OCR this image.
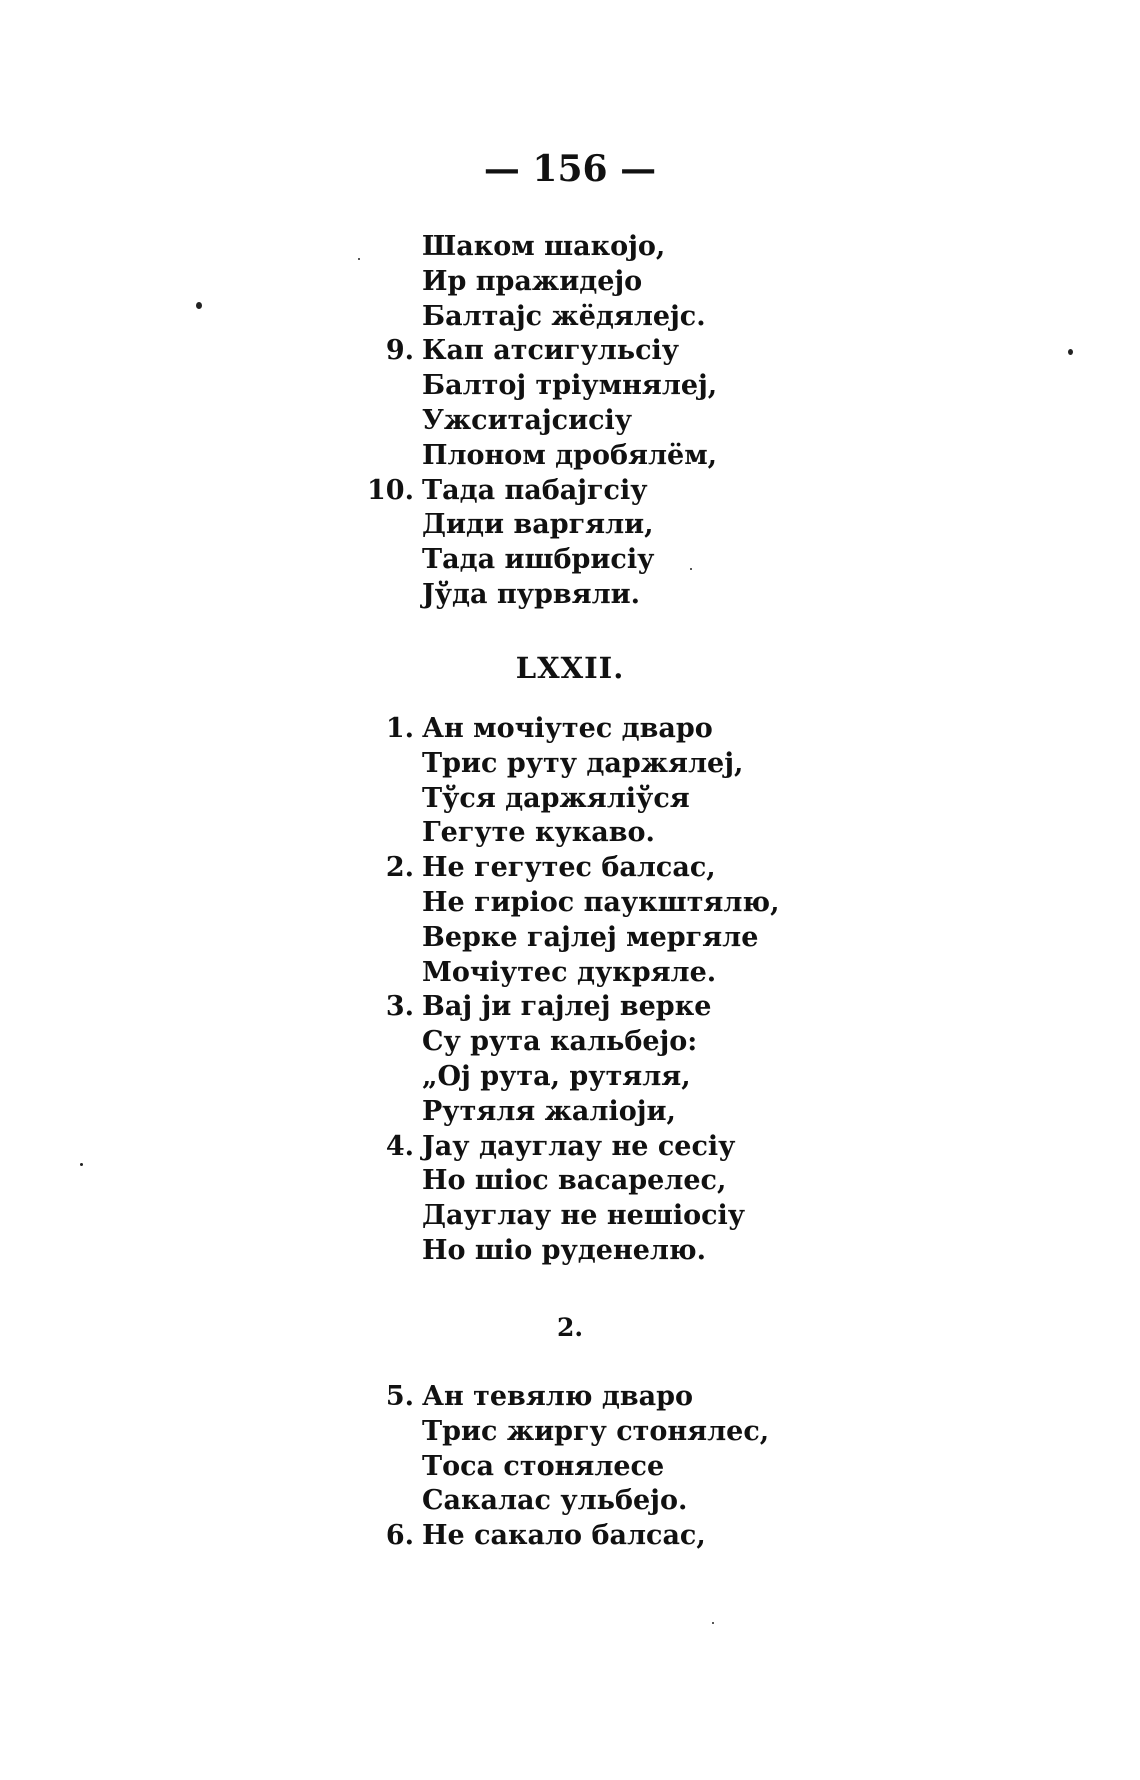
— 156 —
Шаком шакојо,
Ир пражидејо
Балтајс жёдялејс.
9. Кап атсигульсіу
Балтој тріумнялеј,
Ужситајсисіу
Плоном дробялём,
10. Тада пабајгсіу
Диди варгяли,
Тада ишбрисіу
Јўда пурвяли.
LXXII.
1. Ан мочіутес дваро
Трис руту даржялеј,
Тўся даржяліўся
Гегуте кукаво.
2. Не гегутес балсас,
Не гиріос паукштялю,
Верке гајлеј мергяле
Мочіутес дукряле.
3. Вај ји гајлеј верке
Су рута кальбејо:
„Ој рута, рутяля,
Рутяля жаліоји,
4. Јау дауглау не сесіу
Но шіос васарелес,
Дауглау не нешіосіу
Но шіо руденелю.
2.
5. Ан тевялю дваро
Трис жиргу стонялес,
Тоса стонялесе
Сакалас ульбејо.
6. Не сакало балсас,
